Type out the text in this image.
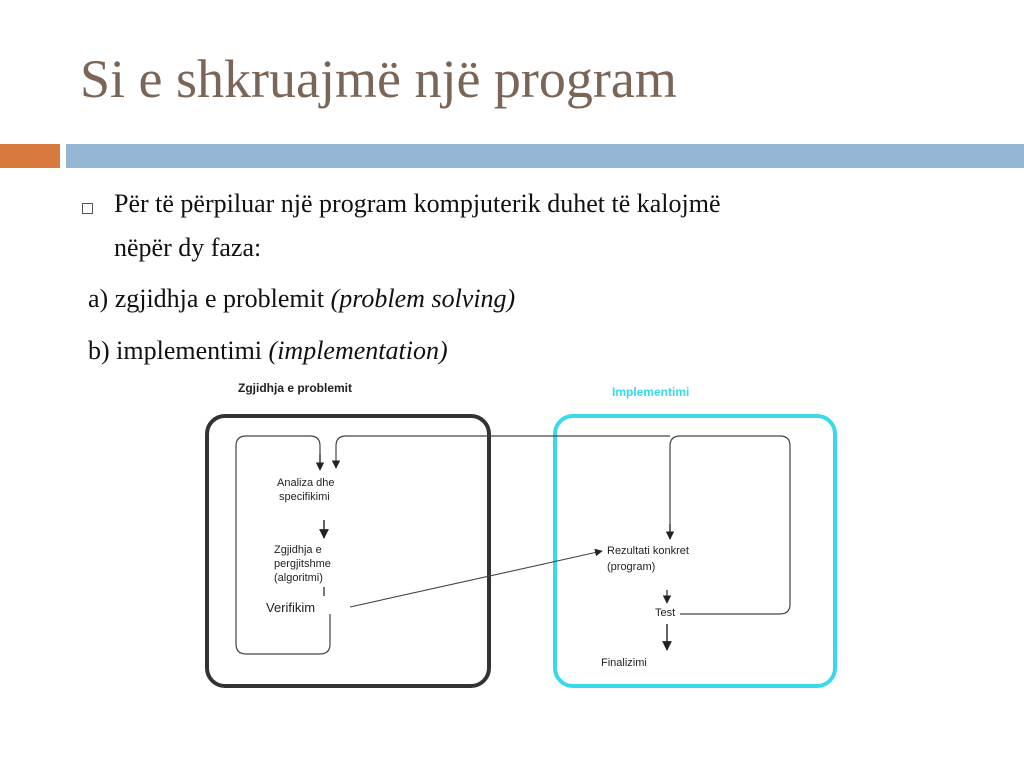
Si e shkruajmë një program
Për të përpiluar një program kompjuterik duhet të kalojmë
nëpër dy faza:
a) zgjidhja e problemit (problem solving)
b) implementimi (implementation)
Zgjidhja e problemit	Implementimi
Analiza dhe
specifikimi
Zgjidhja e
pergjitshme
(algoritmi)
Verifikim
Rezultati konkret
(program)
Test
Finalizimi
